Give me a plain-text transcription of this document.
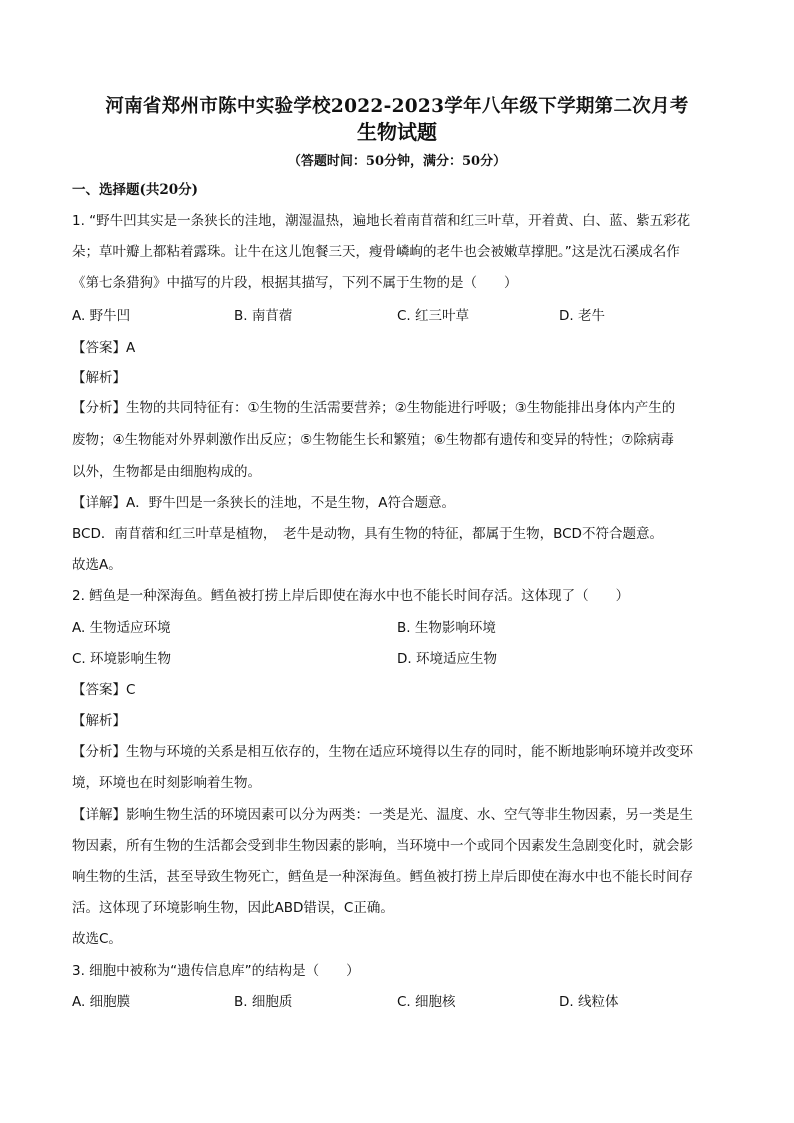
河南省郑州市陈中实验学校2022-2023学年八年级下学期第二次月考
生物试题
（答题时间：50分钟，满分：50分）
一、选择题(共20分)
1. “野牛凹其实是一条狭长的洼地，潮湿温热，遍地长着南苜蓿和红三叶草，开着黄、白、蓝、紫五彩花
朵；草叶瓣上都粘着露珠。让牛在这儿饱餐三天，瘦骨嶙峋的老牛也会被嫩草撑肥。”这是沈石溪成名作
《第七条猎狗》中描写的片段，根据其描写，下列不属于生物的是（　　）
A. 野牛凹	B. 南苜蓿	C. 红三叶草	D. 老牛
【答案】A
【解析】
【分析】生物的共同特征有：①生物的生活需要营养；②生物能进行呼吸；③生物能排出身体内产生的
废物；④生物能对外界刺激作出反应；⑤生物能生长和繁殖；⑥生物都有遗传和变异的特性；⑦除病毒
以外，生物都是由细胞构成的。
【详解】A．野牛凹是一条狭长的洼地，不是生物，A符合题意。
BCD．南苜蓿和红三叶草是植物，　老牛是动物，具有生物的特征，都属于生物，BCD不符合题意。
故选A。
2. 鳕鱼是一种深海鱼。鳕鱼被打捞上岸后即使在海水中也不能长时间存活。这体现了（　　）
A. 生物适应环境	B. 生物影响环境
C. 环境影响生物	D. 环境适应生物
【答案】C
【解析】
【分析】生物与环境的关系是相互依存的，生物在适应环境得以生存的同时，能不断地影响环境并改变环
境，环境也在时刻影响着生物。
【详解】影响生物生活的环境因素可以分为两类：一类是光、温度、水、空气等非生物因素，另一类是生
物因素，所有生物的生活都会受到非生物因素的影响，当环境中一个或同个因素发生急剧变化时，就会影
响生物的生活，甚至导致生物死亡，鳕鱼是一种深海鱼。鳕鱼被打捞上岸后即使在海水中也不能长时间存
活。这体现了环境影响生物，因此ABD错误，C正确。
故选C。
3. 细胞中被称为“遗传信息库”的结构是（　　）
A. 细胞膜	B. 细胞质	C. 细胞核	D. 线粒体
